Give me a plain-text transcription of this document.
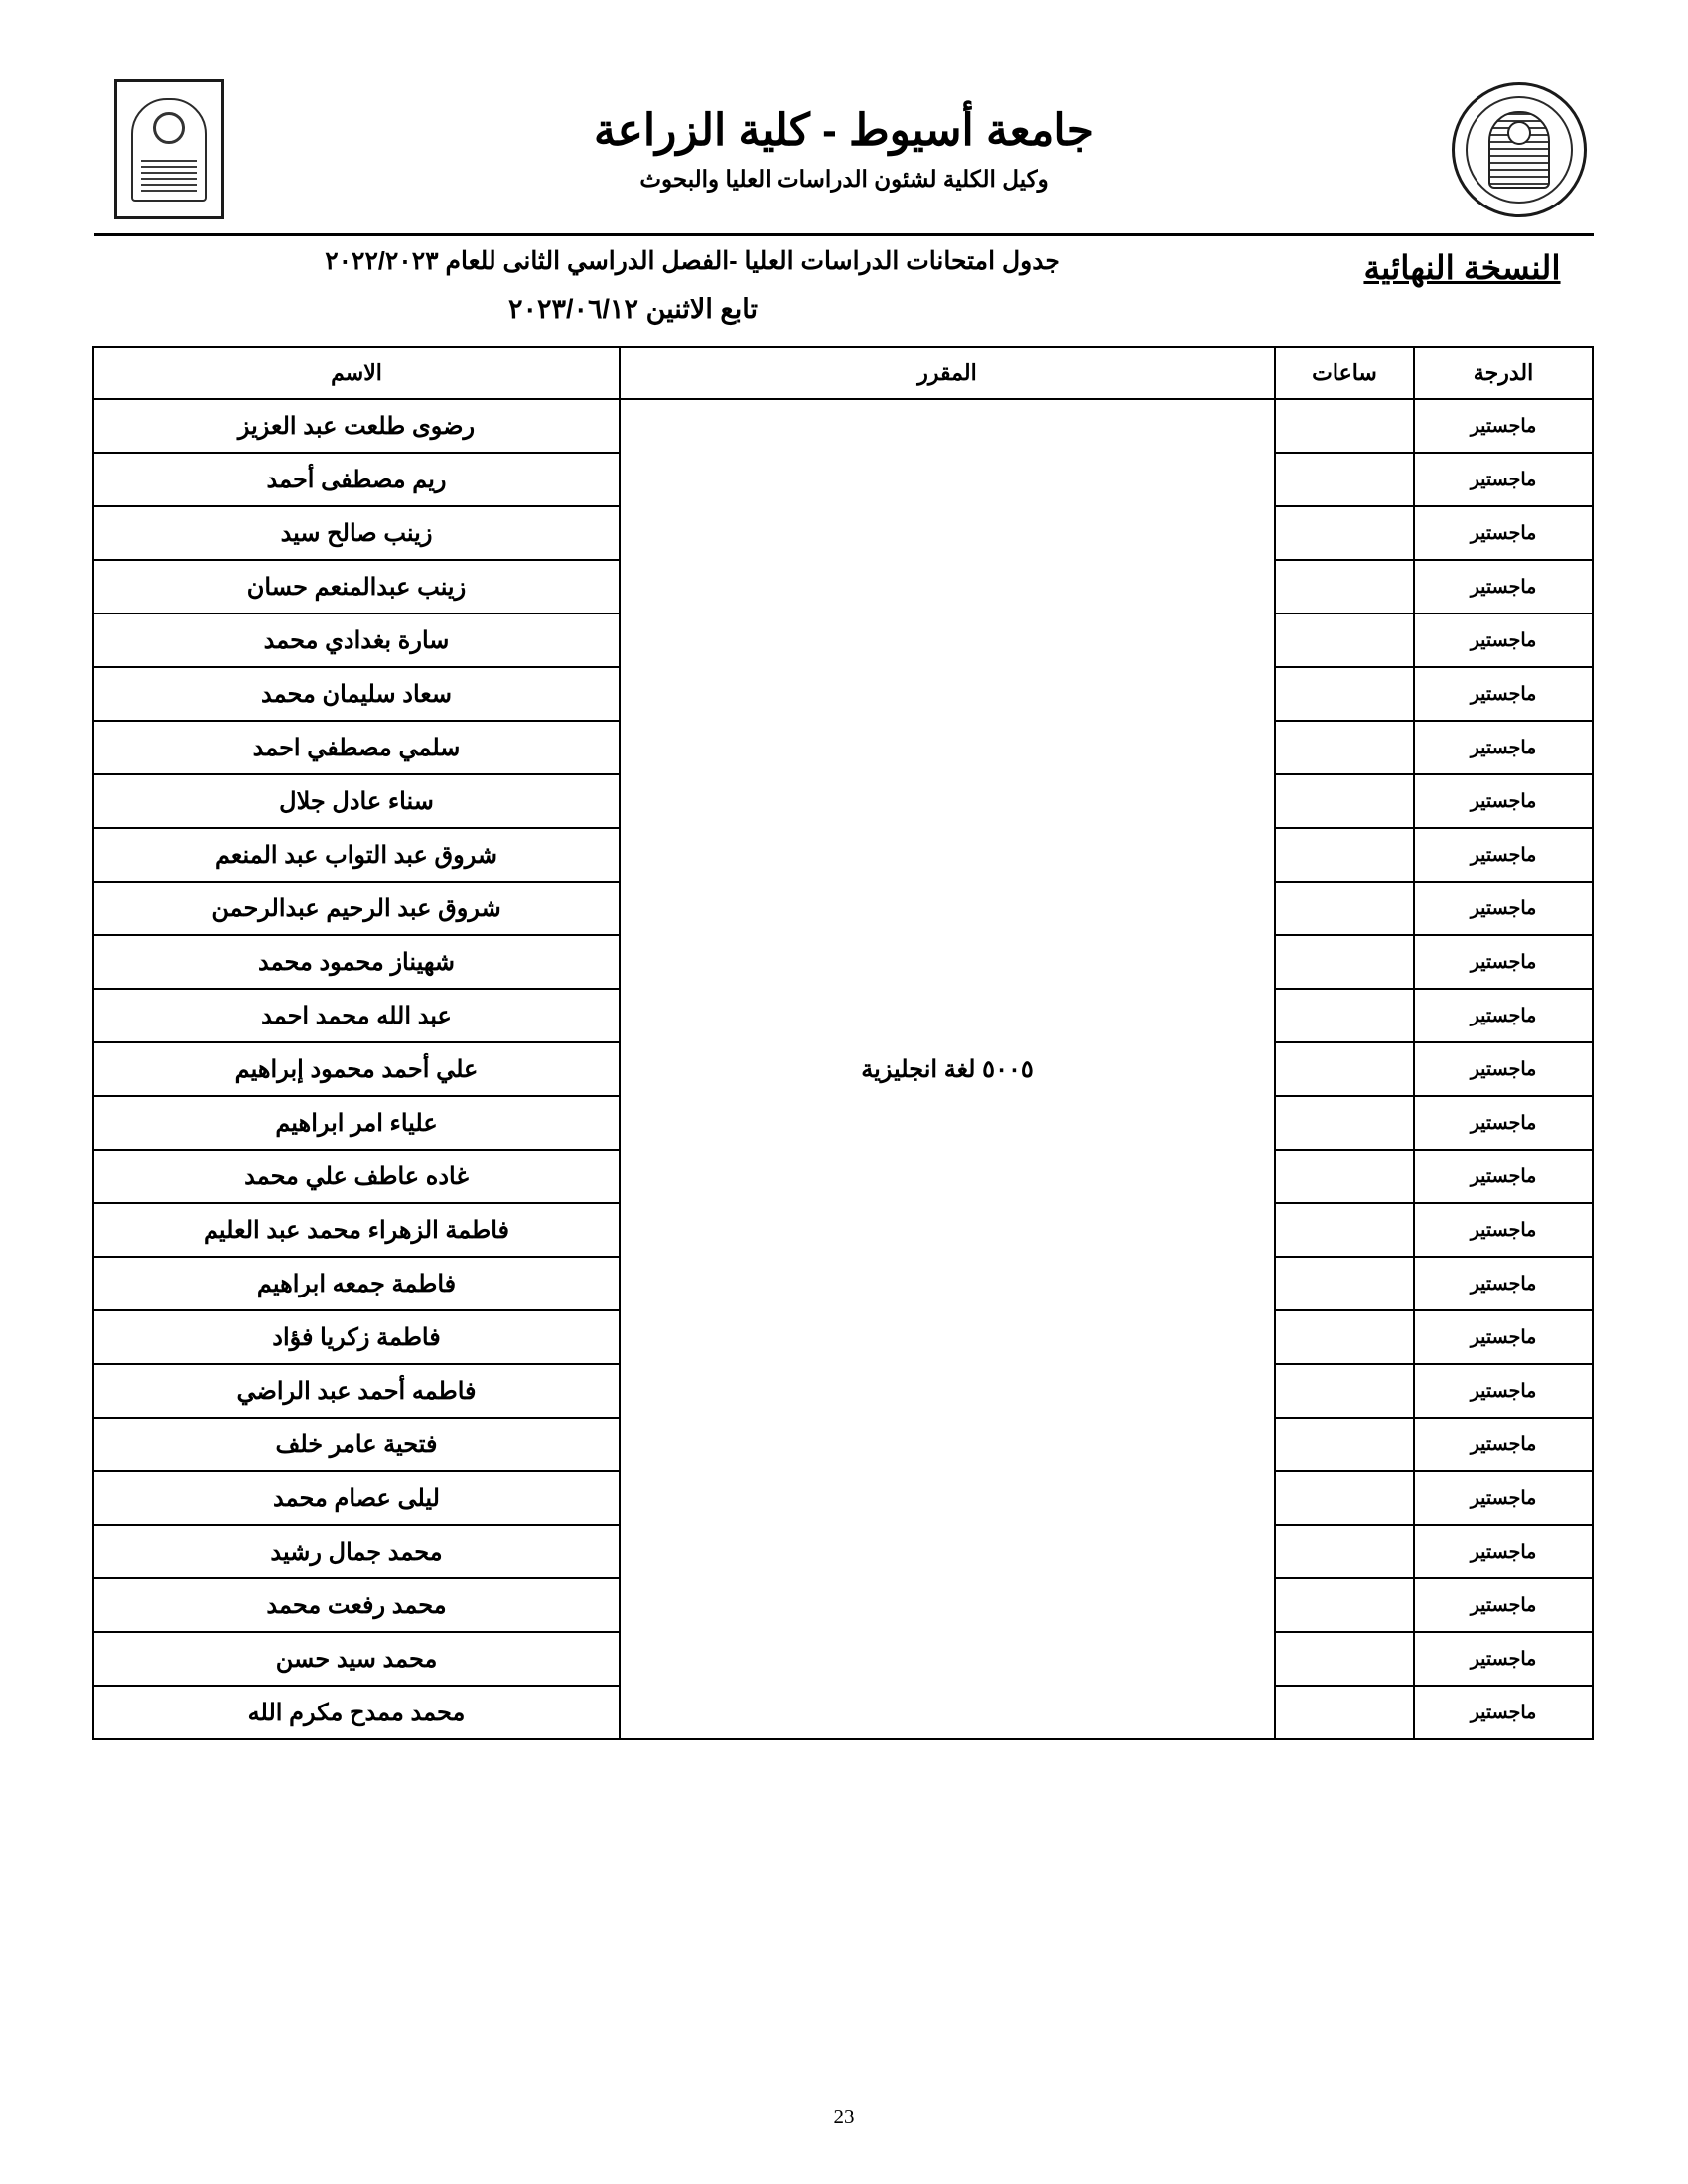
جامعة أسيوط - كلية الزراعة
وكيل الكلية لشئون الدراسات العليا والبحوث
جدول امتحانات الدراسات العليا -الفصل الدراسي الثانى للعام ٢٠٢٢/٢٠٢٣
تابع الاثنين ٢٠٢٣/٠٦/١٢
النسخة النهائية
الدرجة	ساعات	المقرر	الاسم
ماجستير		٥٠٠٥ لغة انجليزية	رضوى طلعت عبد العزيز
ماجستير			ريم مصطفى أحمد
ماجستير			زينب صالح سيد
ماجستير			زينب عبدالمنعم حسان
ماجستير			سارة بغدادي محمد
ماجستير			سعاد سليمان محمد
ماجستير			سلمي مصطفي احمد
ماجستير			سناء عادل جلال
ماجستير			شروق عبد التواب عبد المنعم
ماجستير			شروق عبد الرحيم عبدالرحمن
ماجستير			شهيناز محمود محمد
ماجستير			عبد الله محمد احمد
ماجستير			علي أحمد محمود إبراهيم
ماجستير			علياء امر ابراهيم
ماجستير			غاده عاطف علي محمد
ماجستير			فاطمة الزهراء محمد عبد العليم
ماجستير			فاطمة جمعه ابراهيم
ماجستير			فاطمة زكريا فؤاد
ماجستير			فاطمه أحمد عبد الراضي
ماجستير			فتحية عامر خلف
ماجستير			ليلى عصام محمد
ماجستير			محمد جمال رشيد
ماجستير			محمد رفعت محمد
ماجستير			محمد سيد حسن
ماجستير			محمد ممدح مكرم الله
23
